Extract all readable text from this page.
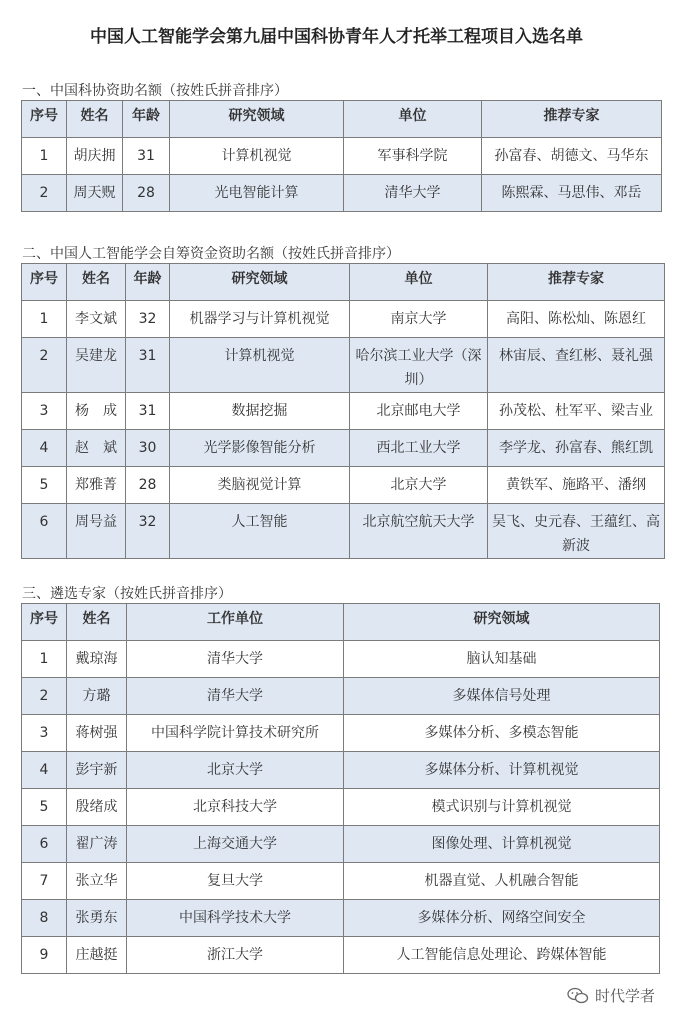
中国人工智能学会第九届中国科协青年人才托举工程项目入选名单
一、中国科协资助名额（按姓氏拼音排序）
序号	姓名	年龄	研究领域	单位	推荐专家
1	胡庆拥	31	计算机视觉	军事科学院	孙富春、胡德文、马华东
2	周天贶	28	光电智能计算	清华大学	陈熙霖、马思伟、邓岳
二、中国人工智能学会自筹资金资助名额（按姓氏拼音排序）
序号	姓名	年龄	研究领域	单位	推荐专家
1	李文斌	32	机器学习与计算机视觉	南京大学	高阳、陈松灿、陈恩红
2	吴建龙	31	计算机视觉	哈尔滨工业大学（深圳）	林宙辰、查红彬、聂礼强
3	杨　成	31	数据挖掘	北京邮电大学	孙茂松、杜军平、梁吉业
4	赵　斌	30	光学影像智能分析	西北工业大学	李学龙、孙富春、熊红凯
5	郑雅菁	28	类脑视觉计算	北京大学	黄铁军、施路平、潘纲
6	周号益	32	人工智能	北京航空航天大学	吴飞、史元春、王蕴红、高新波
三、遴选专家（按姓氏拼音排序）
序号	姓名	工作单位	研究领域
1	戴琼海	清华大学	脑认知基础
2	方璐	清华大学	多媒体信号处理
3	蒋树强	中国科学院计算技术研究所	多媒体分析、多模态智能
4	彭宇新	北京大学	多媒体分析、计算机视觉
5	殷绪成	北京科技大学	模式识别与计算机视觉
6	翟广涛	上海交通大学	图像处理、计算机视觉
7	张立华	复旦大学	机器直觉、人机融合智能
8	张勇东	中国科学技术大学	多媒体分析、网络空间安全
9	庄越挺	浙江大学	人工智能信息处理论、跨媒体智能
时代学者
